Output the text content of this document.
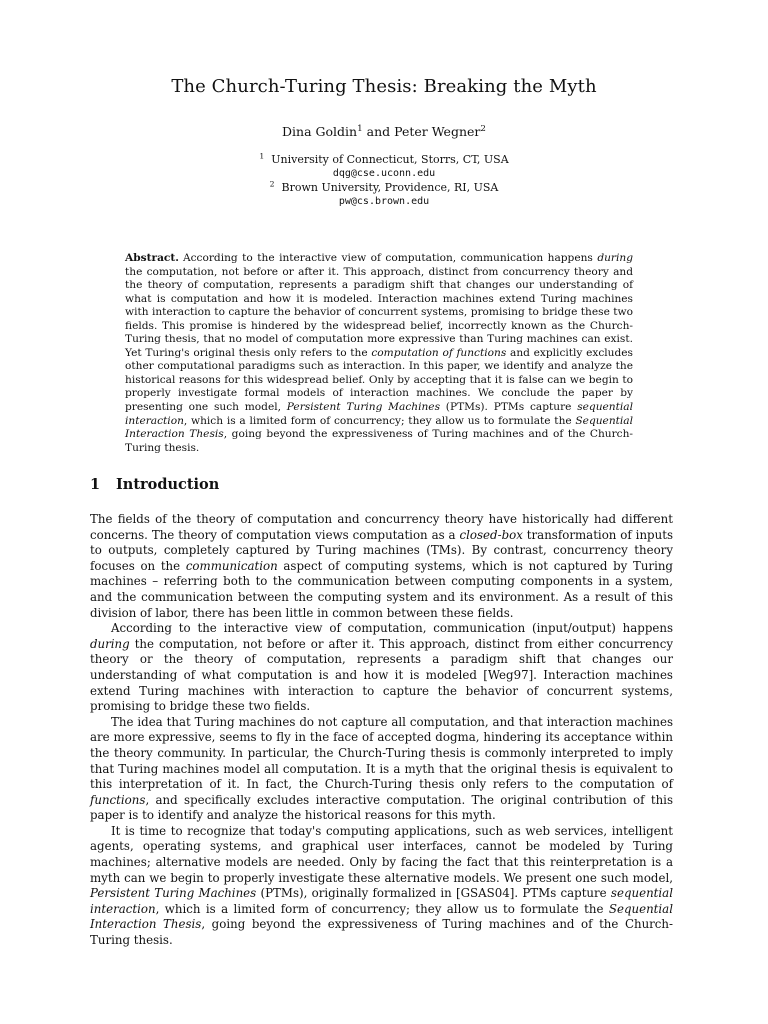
The Church-Turing Thesis: Breaking the Myth
Dina Goldin$^1$ and Peter Wegner$^2$
$^1$ University of Connecticut, Storrs, CT, USA
dqg@cse.uconn.edu
$^2$ Brown University, Providence, RI, USA
pw@cs.brown.edu
Abstract. According to the interactive view of computation, communication happens during the computation, not before or after it. This approach, distinct from concurrency theory and the theory of computation, represents a paradigm shift that changes our understanding of what is computation and how it is modeled. Interaction machines extend Turing machines with interaction to capture the behavior of concurrent systems, promising to bridge these two fields. This promise is hindered by the widespread belief, incorrectly known as the Church-Turing thesis, that no model of computation more expressive than Turing machines can exist. Yet Turing's original thesis only refers to the computation of functions and explicitly excludes other computational paradigms such as interaction. In this paper, we identify and analyze the historical reasons for this widespread belief. Only by accepting that it is false can we begin to properly investigate formal models of interaction machines. We conclude the paper by presenting one such model, Persistent Turing Machines (PTMs). PTMs capture sequential interaction, which is a limited form of concurrency; they allow us to formulate the Sequential Interaction Thesis, going beyond the expressiveness of Turing machines and of the Church-Turing thesis.
1 Introduction

The fields of the theory of computation and concurrency theory have historically had different concerns. The theory of computation views computation as a closed-box transformation of inputs to outputs, completely captured by Turing machines (TMs). By contrast, concurrency theory focuses on the communication aspect of computing systems, which is not captured by Turing machines – referring both to the communication between computing components in a system, and the communication between the computing system and its environment. As a result of this division of labor, there has been little in common between these fields.

According to the interactive view of computation, communication (input/output) happens during the computation, not before or after it. This approach, distinct from either concurrency theory or the theory of computation, represents a paradigm shift that changes our understanding of what computation is and how it is modeled [Weg97]. Interaction machines extend Turing machines with interaction to capture the behavior of concurrent systems, promising to bridge these two fields.

The idea that Turing machines do not capture all computation, and that interaction machines are more expressive, seems to fly in the face of accepted dogma, hindering its acceptance within the theory community. In particular, the Church-Turing thesis is commonly interpreted to imply that Turing machines model all computation. It is a myth that the original thesis is equivalent to this interpretation of it. In fact, the Church-Turing thesis only refers to the computation of functions, and specifically excludes interactive computation. The original contribution of this paper is to identify and analyze the historical reasons for this myth.

It is time to recognize that today's computing applications, such as web services, intelligent agents, operating systems, and graphical user interfaces, cannot be modeled by Turing machines; alternative models are needed. Only by facing the fact that this reinterpretation is a myth can we begin to properly investigate these alternative models. We present one such model, Persistent Turing Machines (PTMs), originally formalized in [GSAS04]. PTMs capture sequential interaction, which is a limited form of concurrency; they allow us to formulate the Sequential Interaction Thesis, going beyond the expressiveness of Turing machines and of the Church-Turing thesis.
